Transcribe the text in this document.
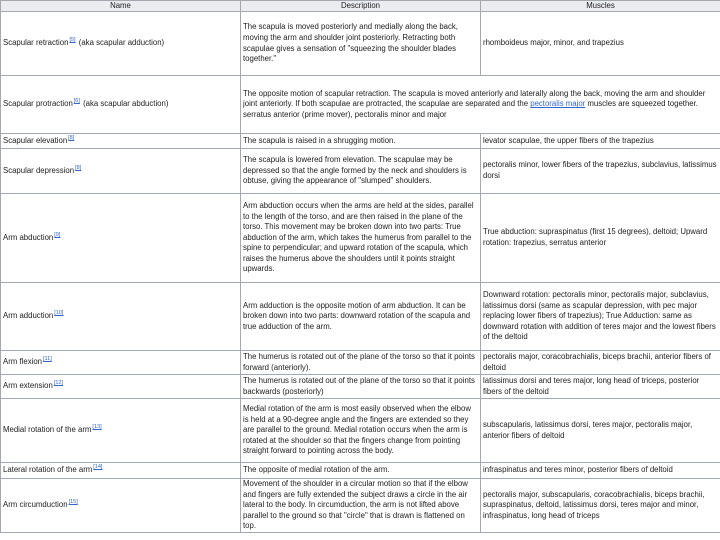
Name	Description	Muscles
Scapular retraction[5] (aka scapular adduction)	The scapula is moved posteriorly and medially along the back, moving the arm and shoulder joint posteriorly. Retracting both scapulae gives a sensation of "squeezing the shoulder blades together."	rhomboideus major, minor, and trapezius
Scapular protraction[6] (aka scapular abduction)	The opposite motion of scapular retraction. The scapula is moved anteriorly and laterally along the back, moving the arm and shoulder joint anteriorly. If both scapulae are protracted, the scapulae are separated and the pectoralis major muscles are squeezed together. serratus anterior (prime mover), pectoralis minor and major	
Scapular elevation[8]	The scapula is raised in a shrugging motion.	levator scapulae, the upper fibers of the trapezius
Scapular depression[8]	The scapula is lowered from elevation. The scapulae may be depressed so that the angle formed by the neck and shoulders is obtuse, giving the appearance of "slumped" shoulders.	pectoralis minor, lower fibers of the trapezius, subclavius, latissimus dorsi
Arm abduction[9]	Arm abduction occurs when the arms are held at the sides, parallel to the length of the torso, and are then raised in the plane of the torso. This movement may be broken down into two parts: True abduction of the arm, which takes the humerus from parallel to the spine to perpendicular; and upward rotation of the scapula, which raises the humerus above the shoulders until it points straight upwards.	True abduction: supraspinatus (first 15 degrees), deltoid; Upward rotation: trapezius, serratus anterior
Arm adduction[10]	Arm adduction is the opposite motion of arm abduction. It can be broken down into two parts: downward rotation of the scapula and true adduction of the arm.	Downward rotation: pectoralis minor, pectoralis major, subclavius, latissimus dorsi (same as scapular depression, with pec major replacing lower fibers of trapezius); True Adduction: same as downward rotation with addition of teres major and the lowest fibers of the deltoid
Arm flexion[11]	The humerus is rotated out of the plane of the torso so that it points forward (anteriorly).	pectoralis major, coracobrachialis, biceps brachii, anterior fibers of deltoid
Arm extension[12]	The humerus is rotated out of the plane of the torso so that it points backwards (posteriorly)	latissimus dorsi and teres major, long head of triceps, posterior fibers of the deltoid
Medial rotation of the arm[13]	Medial rotation of the arm is most easily observed when the elbow is held at a 90-degree angle and the fingers are extended so they are parallel to the ground. Medial rotation occurs when the arm is rotated at the shoulder so that the fingers change from pointing straight forward to pointing across the body.	subscapularis, latissimus dorsi, teres major, pectoralis major, anterior fibers of deltoid
Lateral rotation of the arm[14]	The opposite of medial rotation of the arm.	infraspinatus and teres minor, posterior fibers of deltoid
Arm circumduction[15]	Movement of the shoulder in a circular motion so that if the elbow and fingers are fully extended the subject draws a circle in the air lateral to the body. In circumduction, the arm is not lifted above parallel to the ground so that "circle" that is drawn is flattened on top.	pectoralis major, subscapularis, coracobrachialis, biceps brachii, supraspinatus, deltoid, latissimus dorsi, teres major and minor, infraspinatus, long head of triceps
